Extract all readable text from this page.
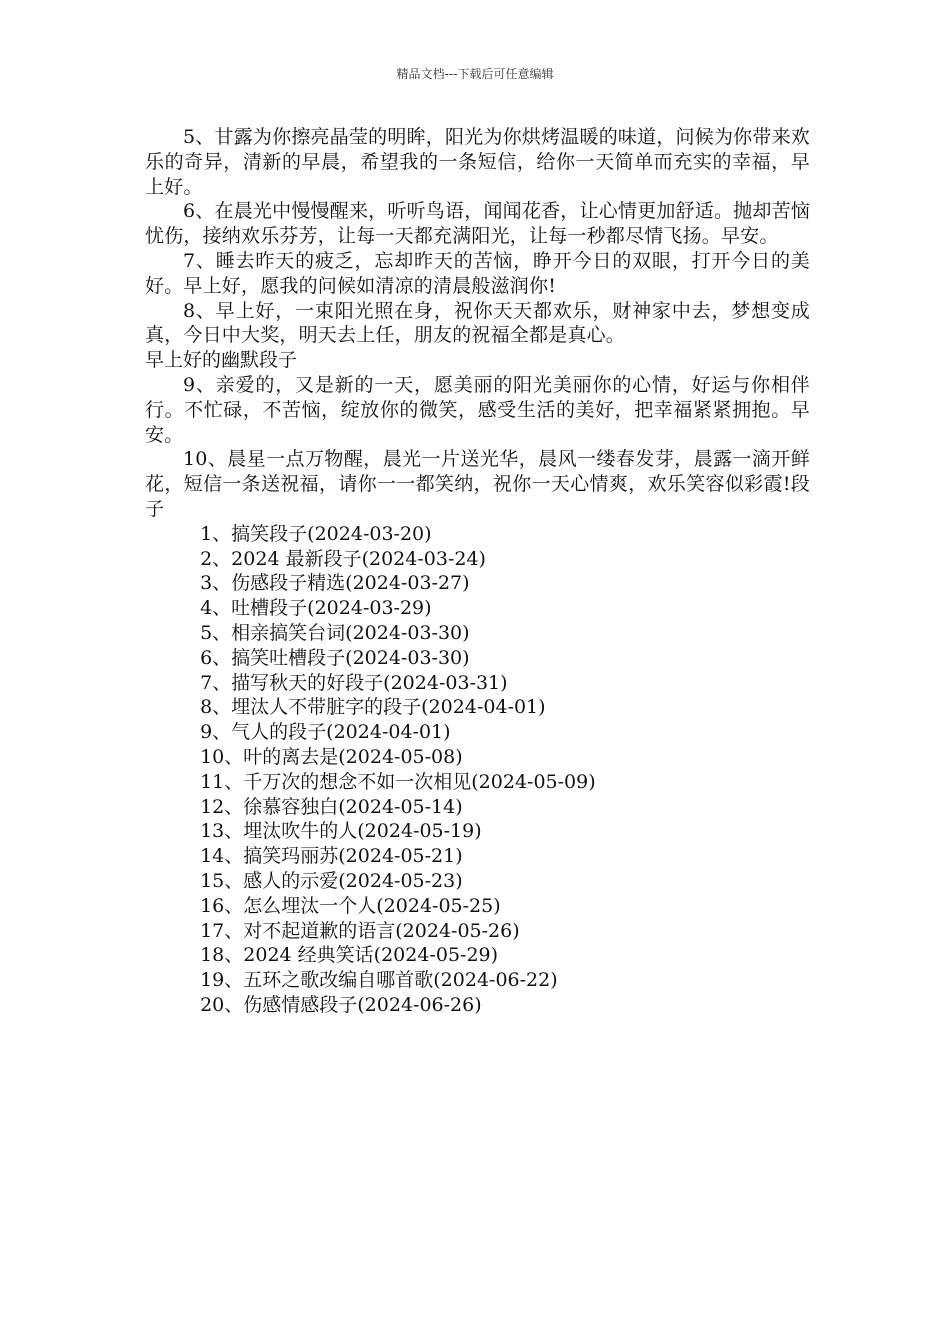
精品文档---下载后可任意编辑

5、甘露为你擦亮晶莹的明眸，阳光为你烘烤温暖的味道，问候为你带来欢乐的奇异，清新的早晨，希望我的一条短信，给你一天简单而充实的幸福，早上好。

6、在晨光中慢慢醒来，听听鸟语，闻闻花香，让心情更加舒适。抛却苦恼忧伤，接纳欢乐芬芳，让每一天都充满阳光，让每一秒都尽情飞扬。早安。

7、睡去昨天的疲乏，忘却昨天的苦恼，睁开今日的双眼，打开今日的美好。早上好，愿我的问候如清凉的清晨般滋润你!

8、早上好，一束阳光照在身，祝你天天都欢乐，财神家中去，梦想变成真，今日中大奖，明天去上任，朋友的祝福全都是真心。

早上好的幽默段子

9、亲爱的，又是新的一天，愿美丽的阳光美丽你的心情，好运与你相伴行。不忙碌，不苦恼，绽放你的微笑，感受生活的美好，把幸福紧紧拥抱。早安。

10、晨星一点万物醒，晨光一片送光华，晨风一缕春发芽，晨露一滴开鲜花，短信一条送祝福，请你一一都笑纳，祝你一天心情爽，欢乐笑容似彩霞!段子

1、搞笑段子(2024-03-20)
2、2024 最新段子(2024-03-24)
3、伤感段子精选(2024-03-27)
4、吐槽段子(2024-03-29)
5、相亲搞笑台词(2024-03-30)
6、搞笑吐槽段子(2024-03-30)
7、描写秋天的好段子(2024-03-31)
8、埋汰人不带脏字的段子(2024-04-01)
9、气人的段子(2024-04-01)
10、叶的离去是(2024-05-08)
11、千万次的想念不如一次相见(2024-05-09)
12、徐慕容独白(2024-05-14)
13、埋汰吹牛的人(2024-05-19)
14、搞笑玛丽苏(2024-05-21)
15、感人的示爱(2024-05-23)
16、怎么埋汰一个人(2024-05-25)
17、对不起道歉的语言(2024-05-26)
18、2024 经典笑话(2024-05-29)
19、五环之歌改编自哪首歌(2024-06-22)
20、伤感情感段子(2024-06-26)
